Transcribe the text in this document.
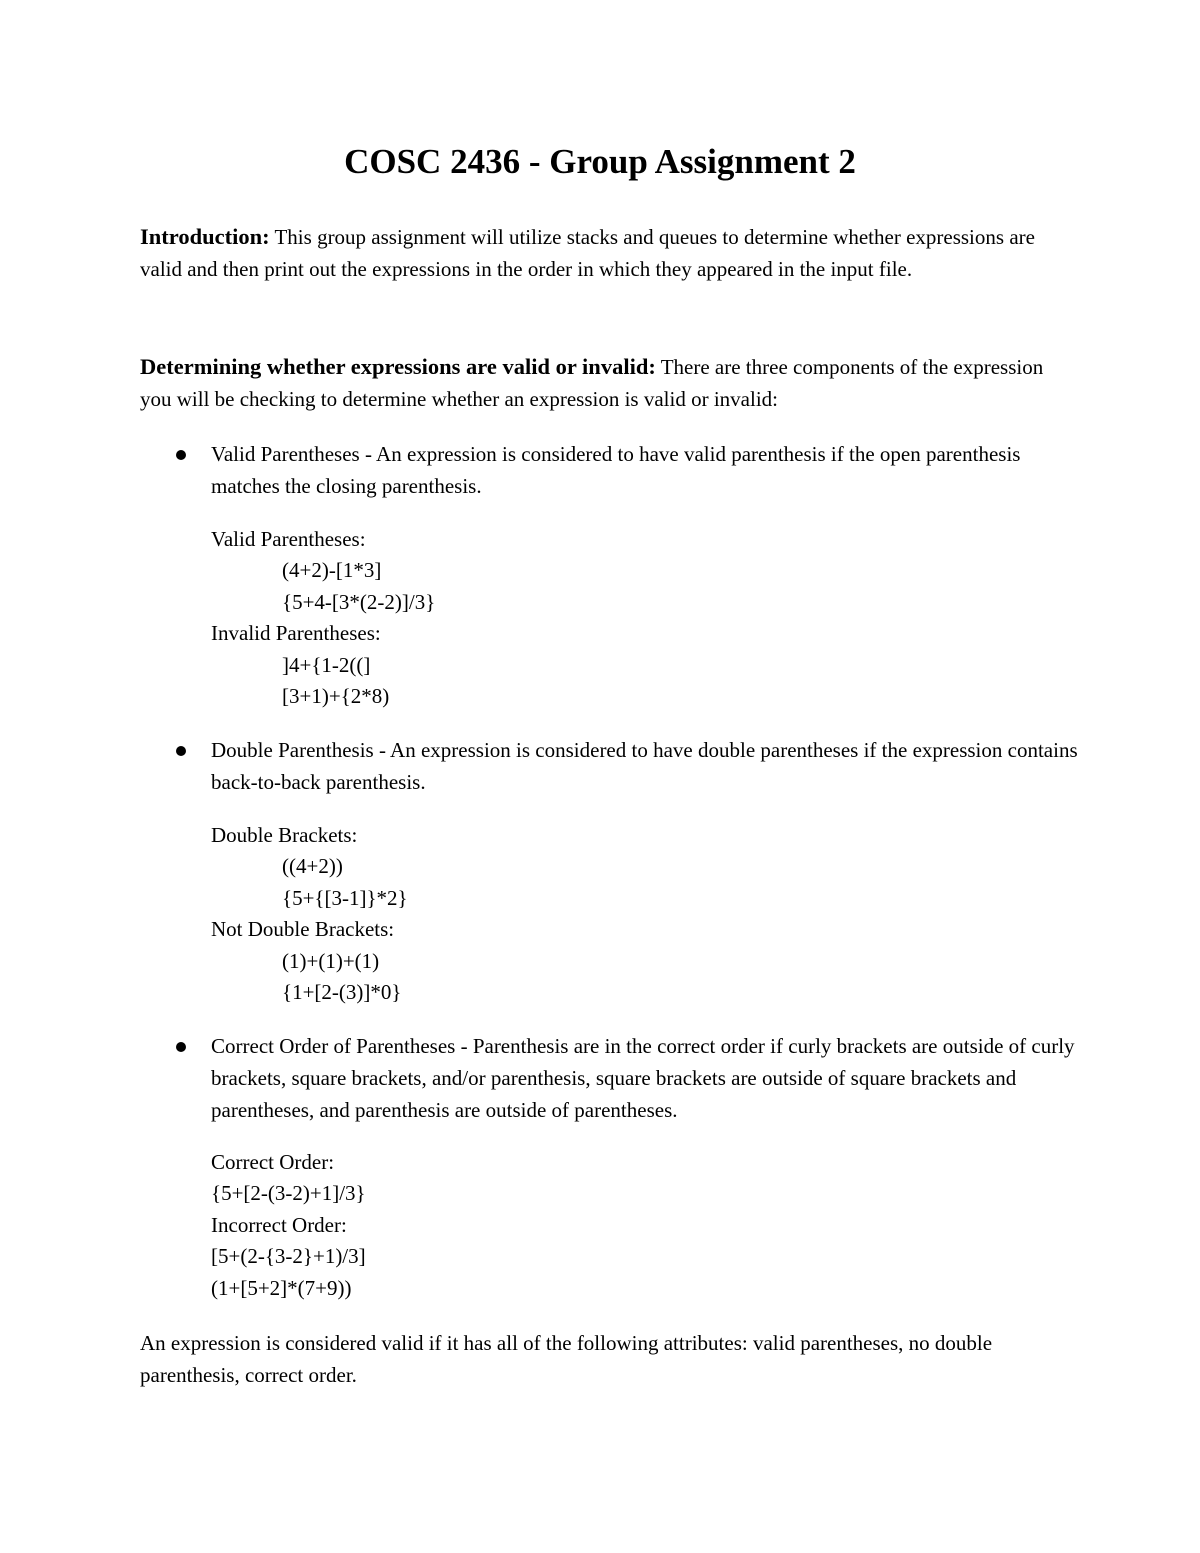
COSC 2436 - Group Assignment 2
Introduction: This group assignment will utilize stacks and queues to determine whether expressions are valid and then print out the expressions in the order in which they appeared in the input file.
Determining whether expressions are valid or invalid: There are three components of the expression you will be checking to determine whether an expression is valid or invalid:
Valid Parentheses - An expression is considered to have valid parenthesis if the open parenthesis matches the closing parenthesis.
Valid Parentheses:
(4+2)-[1*3]
{5+4-[3*(2-2)]/3}
Invalid Parentheses:
]4+{1-2((]
[3+1)+{2*8)
Double Parenthesis - An expression is considered to have double parentheses if the expression contains back-to-back parenthesis.
Double Brackets:
((4+2))
{5+{[3-1]}*2}
Not Double Brackets:
(1)+(1)+(1)
{1+[2-(3)]*0}
Correct Order of Parentheses - Parenthesis are in the correct order if curly brackets are outside of curly brackets, square brackets, and/or parenthesis, square brackets are outside of square brackets and parentheses, and parenthesis are outside of parentheses.
Correct Order:
{5+[2-(3-2)+1]/3}
Incorrect Order:
[5+(2-{3-2}+1)/3]
(1+[5+2]*(7+9))
An expression is considered valid if it has all of the following attributes: valid parentheses, no double parenthesis, correct order.
